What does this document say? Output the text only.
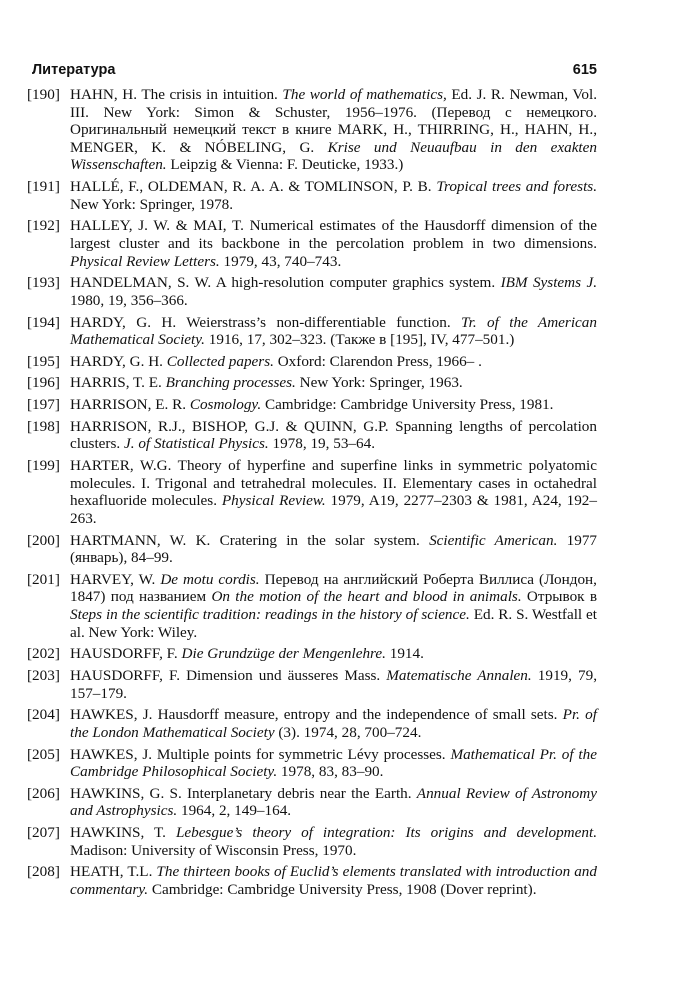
Литература	615
[190] HAHN, H. The crisis in intuition. The world of mathematics, Ed. J. R. Newman, Vol. III. New York: Simon & Schuster, 1956–1976. (Перевод с немецкого. Оригинальный немецкий текст в книге MARK, H., THIRRING, H., HAHN, H., MENGER, K. & NÓBELING, G. Krise und Neuaufbau in den exakten Wissenschaften. Leipzig & Vienna: F. Deuticke, 1933.)
[191] HALLÉ, F., OLDEMAN, R. A. A. & TOMLINSON, P. B. Tropical trees and forests. New York: Springer, 1978.
[192] HALLEY, J. W. & MAI, T. Numerical estimates of the Hausdorff dimension of the largest cluster and its backbone in the percolation problem in two dimensions. Physical Review Letters. 1979, 43, 740–743.
[193] HANDELMAN, S. W. A high-resolution computer graphics system. IBM Systems J. 1980, 19, 356–366.
[194] HARDY, G. H. Weierstrass’s non-differentiable function. Tr. of the American Mathematical Society. 1916, 17, 302–323. (Также в [195], IV, 477–501.)
[195] HARDY, G. H. Collected papers. Oxford: Clarendon Press, 1966– .
[196] HARRIS, T. E. Branching processes. New York: Springer, 1963.
[197] HARRISON, E. R. Cosmology. Cambridge: Cambridge University Press, 1981.
[198] HARRISON, R.J., BISHOP, G.J. & QUINN, G.P. Spanning lengths of percolation clusters. J. of Statistical Physics. 1978, 19, 53–64.
[199] HARTER, W.G. Theory of hyperfine and superfine links in symmetric polyatomic molecules. I. Trigonal and tetrahedral molecules. II. Elementary cases in octahedral hexafluoride molecules. Physical Review. 1979, A19, 2277–2303 & 1981, A24, 192–263.
[200] HARTMANN, W. K. Cratering in the solar system. Scientific American. 1977 (январь), 84–99.
[201] HARVEY, W. De motu cordis. Перевод на английский Роберта Виллиса (Лондон, 1847) под названием On the motion of the heart and blood in animals. Отрывок в Steps in the scientific tradition: readings in the history of science. Ed. R. S. Westfall et al. New York: Wiley.
[202] HAUSDORFF, F. Die Grundzüge der Mengenlehre. 1914.
[203] HAUSDORFF, F. Dimension und äusseres Mass. Matematische Annalen. 1919, 79, 157–179.
[204] HAWKES, J. Hausdorff measure, entropy and the independence of small sets. Pr. of the London Mathematical Society (3). 1974, 28, 700–724.
[205] HAWKES, J. Multiple points for symmetric Lévy processes. Mathematical Pr. of the Cambridge Philosophical Society. 1978, 83, 83–90.
[206] HAWKINS, G. S. Interplanetary debris near the Earth. Annual Review of Astronomy and Astrophysics. 1964, 2, 149–164.
[207] HAWKINS, T. Lebesgue’s theory of integration: Its origins and development. Madison: University of Wisconsin Press, 1970.
[208] HEATH, T.L. The thirteen books of Euclid’s elements translated with introduction and commentary. Cambridge: Cambridge University Press, 1908 (Dover reprint).
